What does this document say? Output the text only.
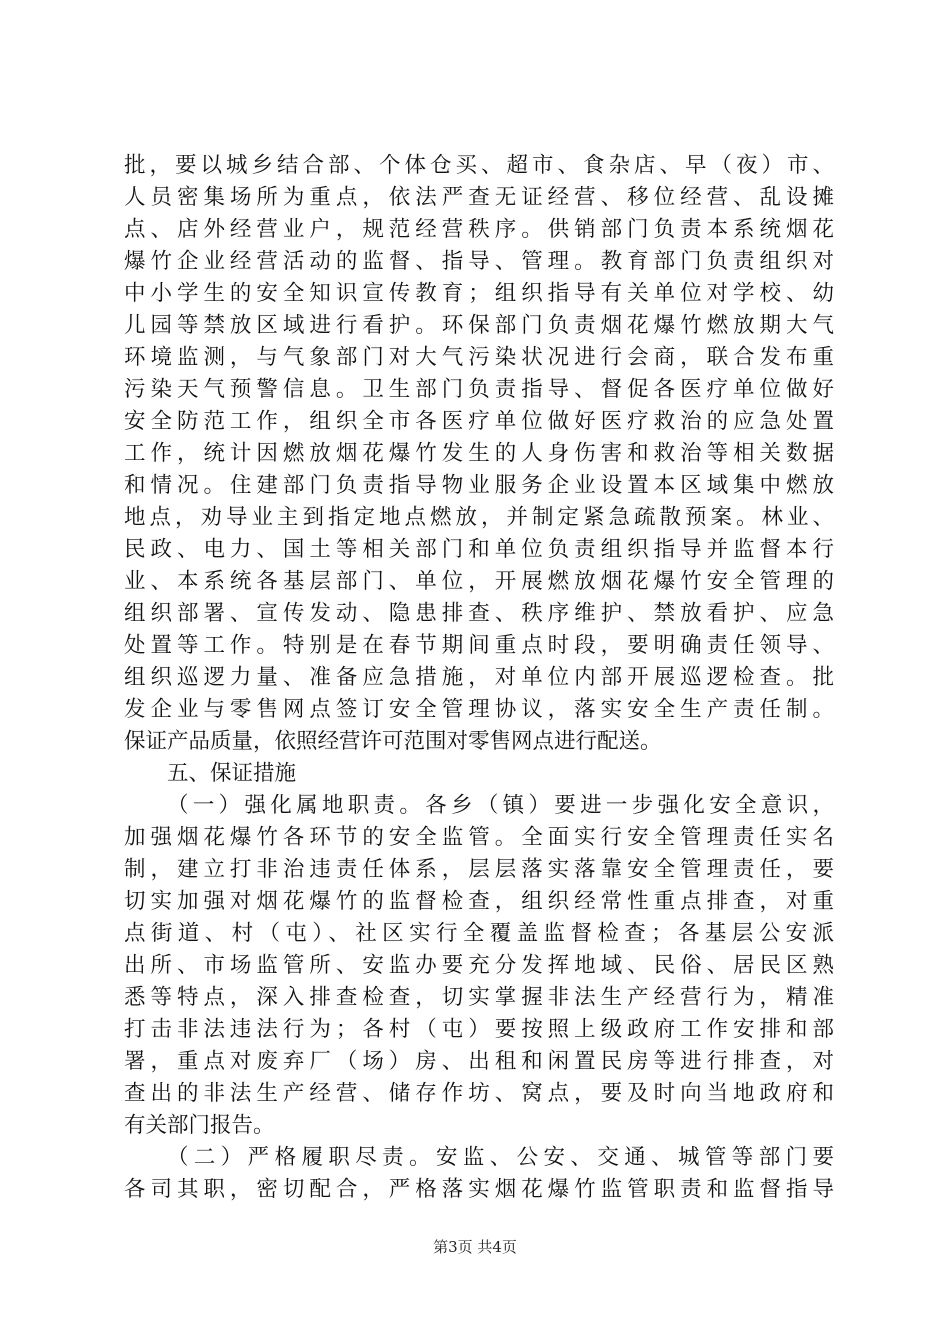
批，要以城乡结合部、个体仓买、超市、食杂店、早（夜）市、
人员密集场所为重点，依法严查无证经营、移位经营、乱设摊
点、店外经营业户，规范经营秩序。供销部门负责本系统烟花
爆竹企业经营活动的监督、指导、管理。教育部门负责组织对
中小学生的安全知识宣传教育；组织指导有关单位对学校、幼
儿园等禁放区域进行看护。环保部门负责烟花爆竹燃放期大气
环境监测，与气象部门对大气污染状况进行会商，联合发布重
污染天气预警信息。卫生部门负责指导、督促各医疗单位做好
安全防范工作，组织全市各医疗单位做好医疗救治的应急处置
工作，统计因燃放烟花爆竹发生的人身伤害和救治等相关数据
和情况。住建部门负责指导物业服务企业设置本区域集中燃放
地点，劝导业主到指定地点燃放，并制定紧急疏散预案。林业、
民政、电力、国土等相关部门和单位负责组织指导并监督本行
业、本系统各基层部门、单位，开展燃放烟花爆竹安全管理的
组织部署、宣传发动、隐患排查、秩序维护、禁放看护、应急
处置等工作。特别是在春节期间重点时段，要明确责任领导、
组织巡逻力量、准备应急措施，对单位内部开展巡逻检查。批
发企业与零售网点签订安全管理协议，落实安全生产责任制。
保证产品质量，依照经营许可范围对零售网点进行配送。
五、保证措施
（一）强化属地职责。各乡（镇）要进一步强化安全意识，
加强烟花爆竹各环节的安全监管。全面实行安全管理责任实名
制，建立打非治违责任体系，层层落实落靠安全管理责任，要
切实加强对烟花爆竹的监督检查，组织经常性重点排查，对重
点街道、村（屯）、社区实行全覆盖监督检查；各基层公安派
出所、市场监管所、安监办要充分发挥地域、民俗、居民区熟
悉等特点，深入排查检查，切实掌握非法生产经营行为，精准
打击非法违法行为；各村（屯）要按照上级政府工作安排和部
署，重点对废弃厂（场）房、出租和闲置民房等进行排查，对
查出的非法生产经营、储存作坊、窝点，要及时向当地政府和
有关部门报告。
（二）严格履职尽责。安监、公安、交通、城管等部门要
各司其职，密切配合，严格落实烟花爆竹监管职责和监督指导
第3页 共4页
